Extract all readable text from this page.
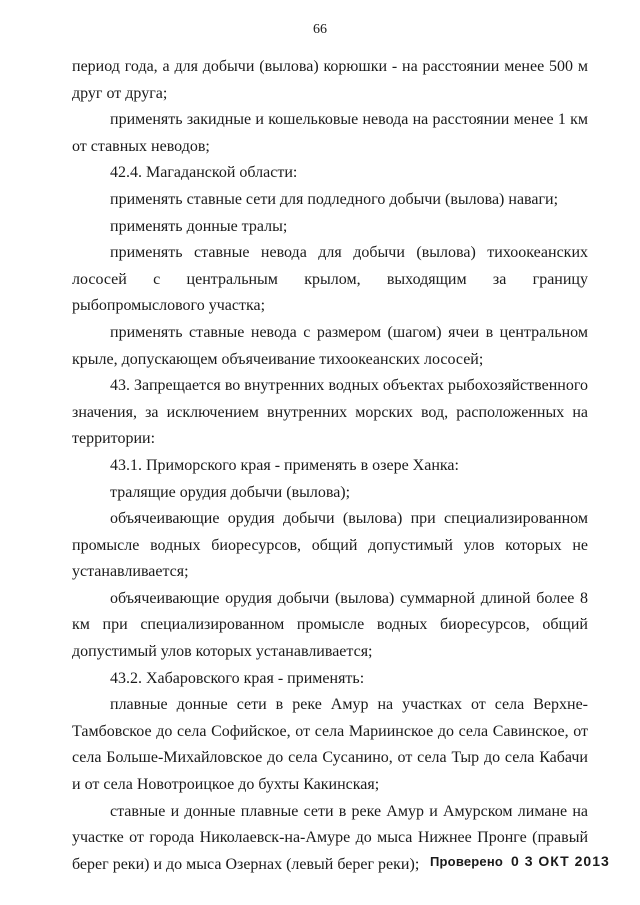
66

период года, а для добычи (вылова) корюшки - на расстоянии менее 500 м друг от друга;

применять закидные и кошельковые невода на расстоянии менее 1 км от ставных неводов;

42.4. Магаданской области:

применять ставные сети для подледного добычи (вылова) наваги;

применять донные тралы;

применять ставные невода для добычи (вылова) тихоокеанских лососей с центральным крылом, выходящим за границу рыбопромыслового участка;

применять ставные невода с размером (шагом) ячеи в центральном крыле, допускающем объячеивание тихоокеанских лососей;

43. Запрещается во внутренних водных объектах рыбохозяйственного значения, за исключением внутренних морских вод, расположенных на территории:

43.1. Приморского края - применять в озере Ханка:

тралящие орудия добычи (вылова);

объячеивающие орудия добычи (вылова) при специализированном промысле водных биоресурсов, общий допустимый улов которых не устанавливается;

объячеивающие орудия добычи (вылова) суммарной длиной более 8 км при специализированном промысле водных биоресурсов, общий допустимый улов которых устанавливается;

43.2. Хабаровского края - применять:

плавные донные сети в реке Амур на участках от села Верхне-Тамбовское до села Софийское, от села Мариинское до села Савинское, от села Больше-Михайловское до села Сусанино, от села Тыр до села Кабачи и от села Новотроицкое до бухты Какинская;

ставные и донные плавные сети в реке Амур и Амурском лимане на участке от города Николаевск-на-Амуре до мыса Нижнее Пронге (правый берег реки) и до мыса Озернах (левый берег реки); Проверено 0 3 ОКТ 2013
